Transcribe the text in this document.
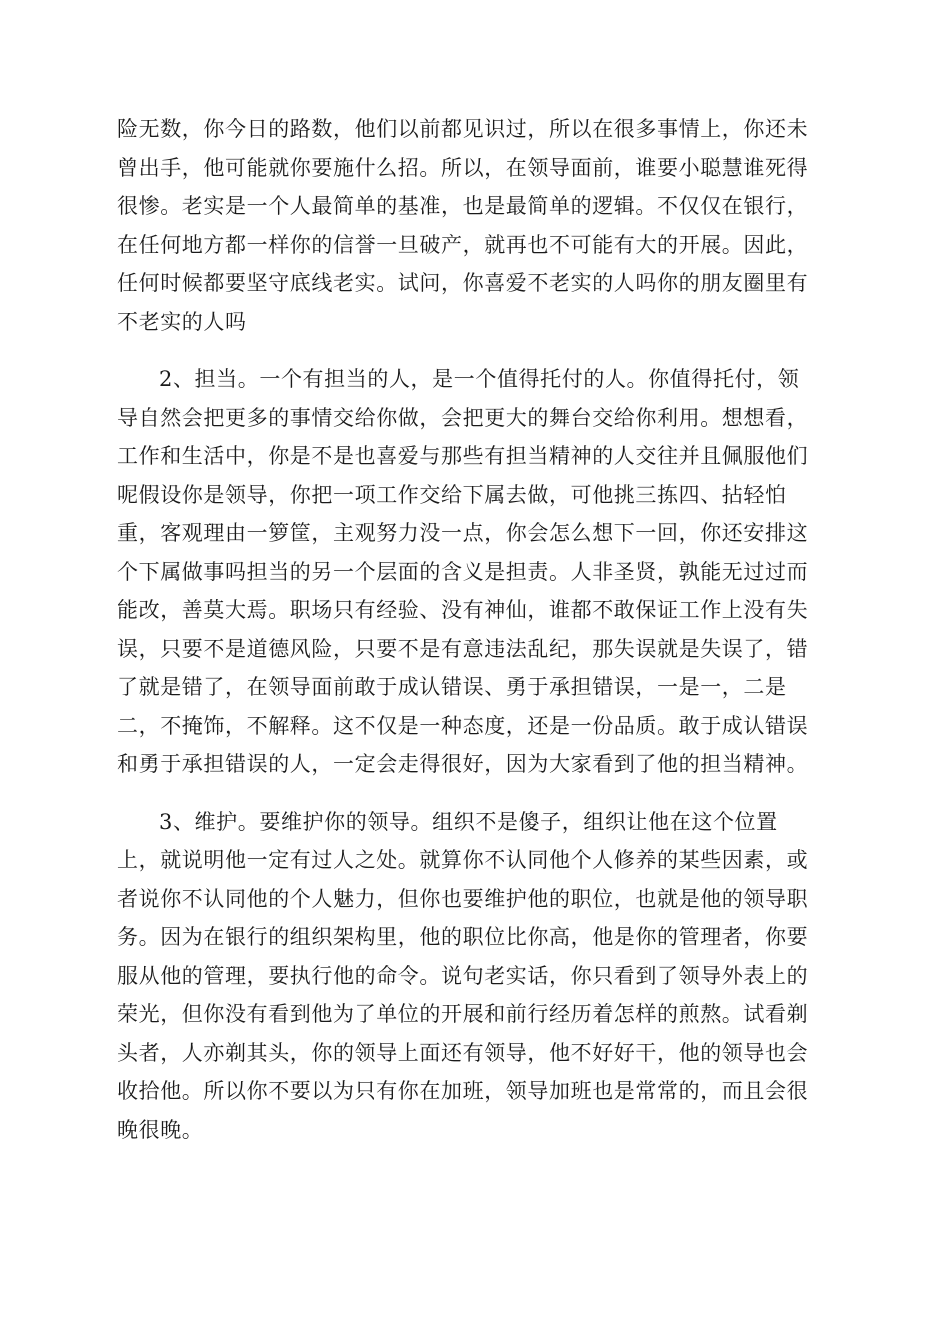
险无数，你今日的路数，他们以前都见识过，所以在很多事情上，你还未
曾出手，他可能就你要施什么招。所以，在领导面前，谁要小聪慧谁死得
很惨。老实是一个人最简单的基准，也是最简单的逻辑。不仅仅在银行，
在任何地方都一样你的信誉一旦破产，就再也不可能有大的开展。因此，
任何时候都要坚守底线老实。试问，你喜爱不老实的人吗你的朋友圈里有
不老实的人吗

2、担当。一个有担当的人，是一个值得托付的人。你值得托付，领
导自然会把更多的事情交给你做，会把更大的舞台交给你利用。想想看，
工作和生活中，你是不是也喜爱与那些有担当精神的人交往并且佩服他们
呢假设你是领导，你把一项工作交给下属去做，可他挑三拣四、拈轻怕
重，客观理由一箩筐，主观努力没一点，你会怎么想下一回，你还安排这
个下属做事吗担当的另一个层面的含义是担责。人非圣贤，孰能无过过而
能改，善莫大焉。职场只有经验、没有神仙，谁都不敢保证工作上没有失
误，只要不是道德风险，只要不是有意违法乱纪，那失误就是失误了，错
了就是错了，在领导面前敢于成认错误、勇于承担错误，一是一，二是
二，不掩饰，不解释。这不仅是一种态度，还是一份品质。敢于成认错误
和勇于承担错误的人，一定会走得很好，因为大家看到了他的担当精神。

3、维护。要维护你的领导。组织不是傻子，组织让他在这个位置
上，就说明他一定有过人之处。就算你不认同他个人修养的某些因素，或
者说你不认同他的个人魅力，但你也要维护他的职位，也就是他的领导职
务。因为在银行的组织架构里，他的职位比你高，他是你的管理者，你要
服从他的管理，要执行他的命令。说句老实话，你只看到了领导外表上的
荣光，但你没有看到他为了单位的开展和前行经历着怎样的煎熬。试看剃
头者，人亦剃其头，你的领导上面还有领导，他不好好干，他的领导也会
收拾他。所以你不要以为只有你在加班，领导加班也是常常的，而且会很
晚很晚。
